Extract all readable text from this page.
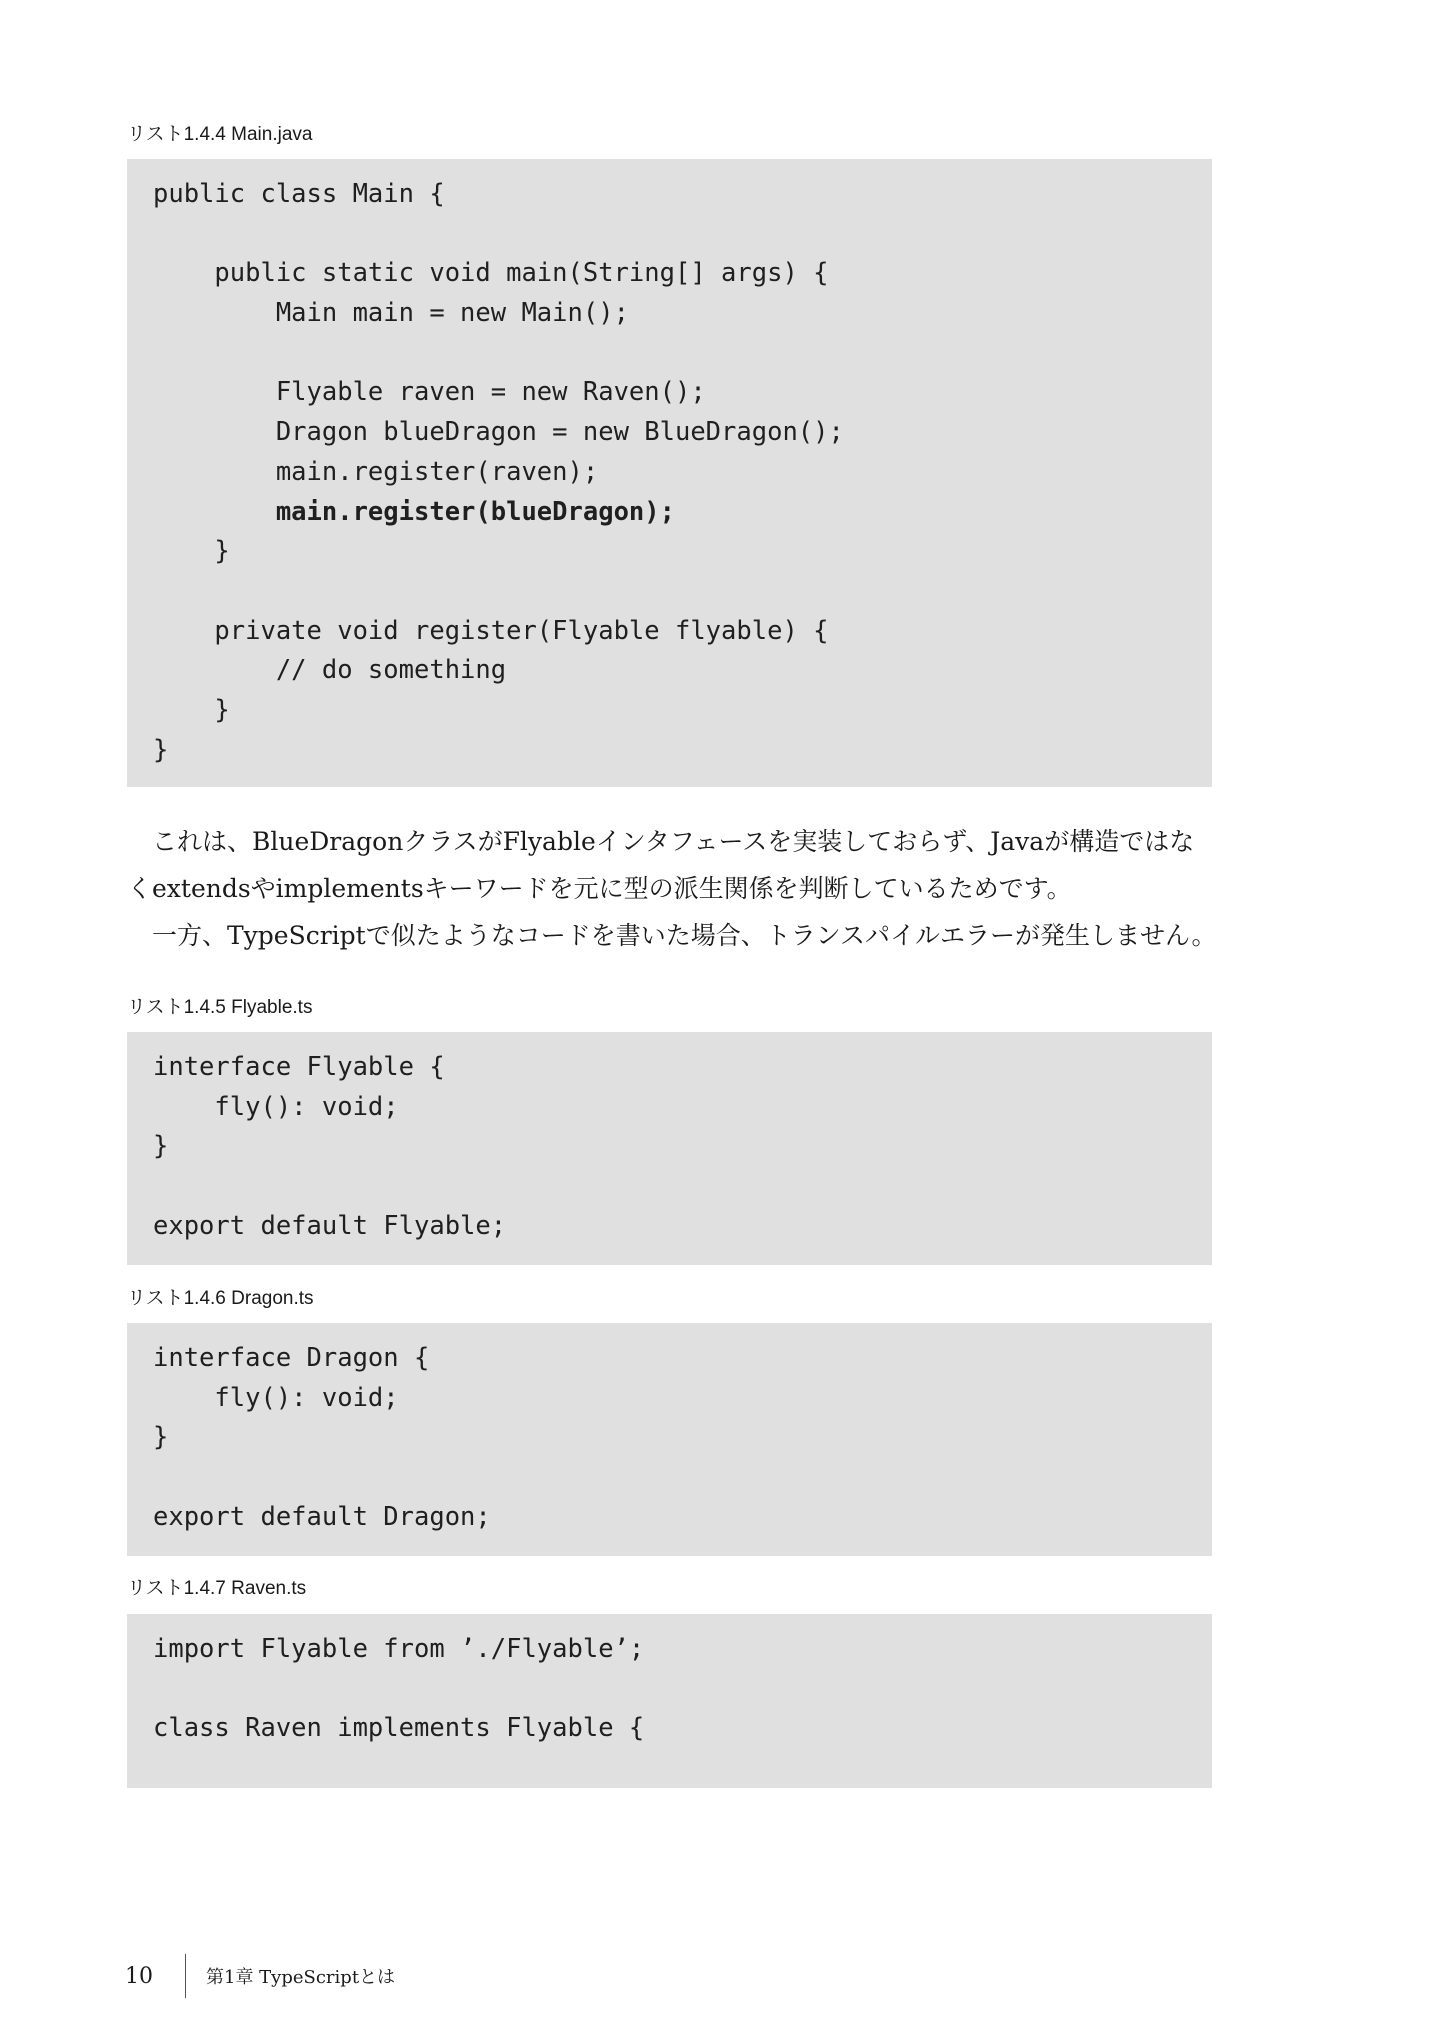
リスト1.4.4 Main.java
public class Main {
public static void main(String[] args) {
Main main = new Main();
Flyable raven = new Raven();
Dragon blueDragon = new BlueDragon();
main.register(raven);
main.register(blueDragon);
}
private void register(Flyable flyable) {
// do something
}
}
これは、BlueDragonクラスがFlyableインタフェースを実装しておらず、Javaが構造ではな
くextendsやimplementsキーワードを元に型の派生関係を判断しているためです。
一方、TypeScriptで似たようなコードを書いた場合、トランスパイルエラーが発生しません。
リスト1.4.5 Flyable.ts
interface Flyable {
fly(): void;
}
export default Flyable;
リスト1.4.6 Dragon.ts
interface Dragon {
fly(): void;
}
export default Dragon;
リスト1.4.7 Raven.ts
import Flyable from ’./Flyable’;
class Raven implements Flyable {
10	第1章 TypeScriptとは
